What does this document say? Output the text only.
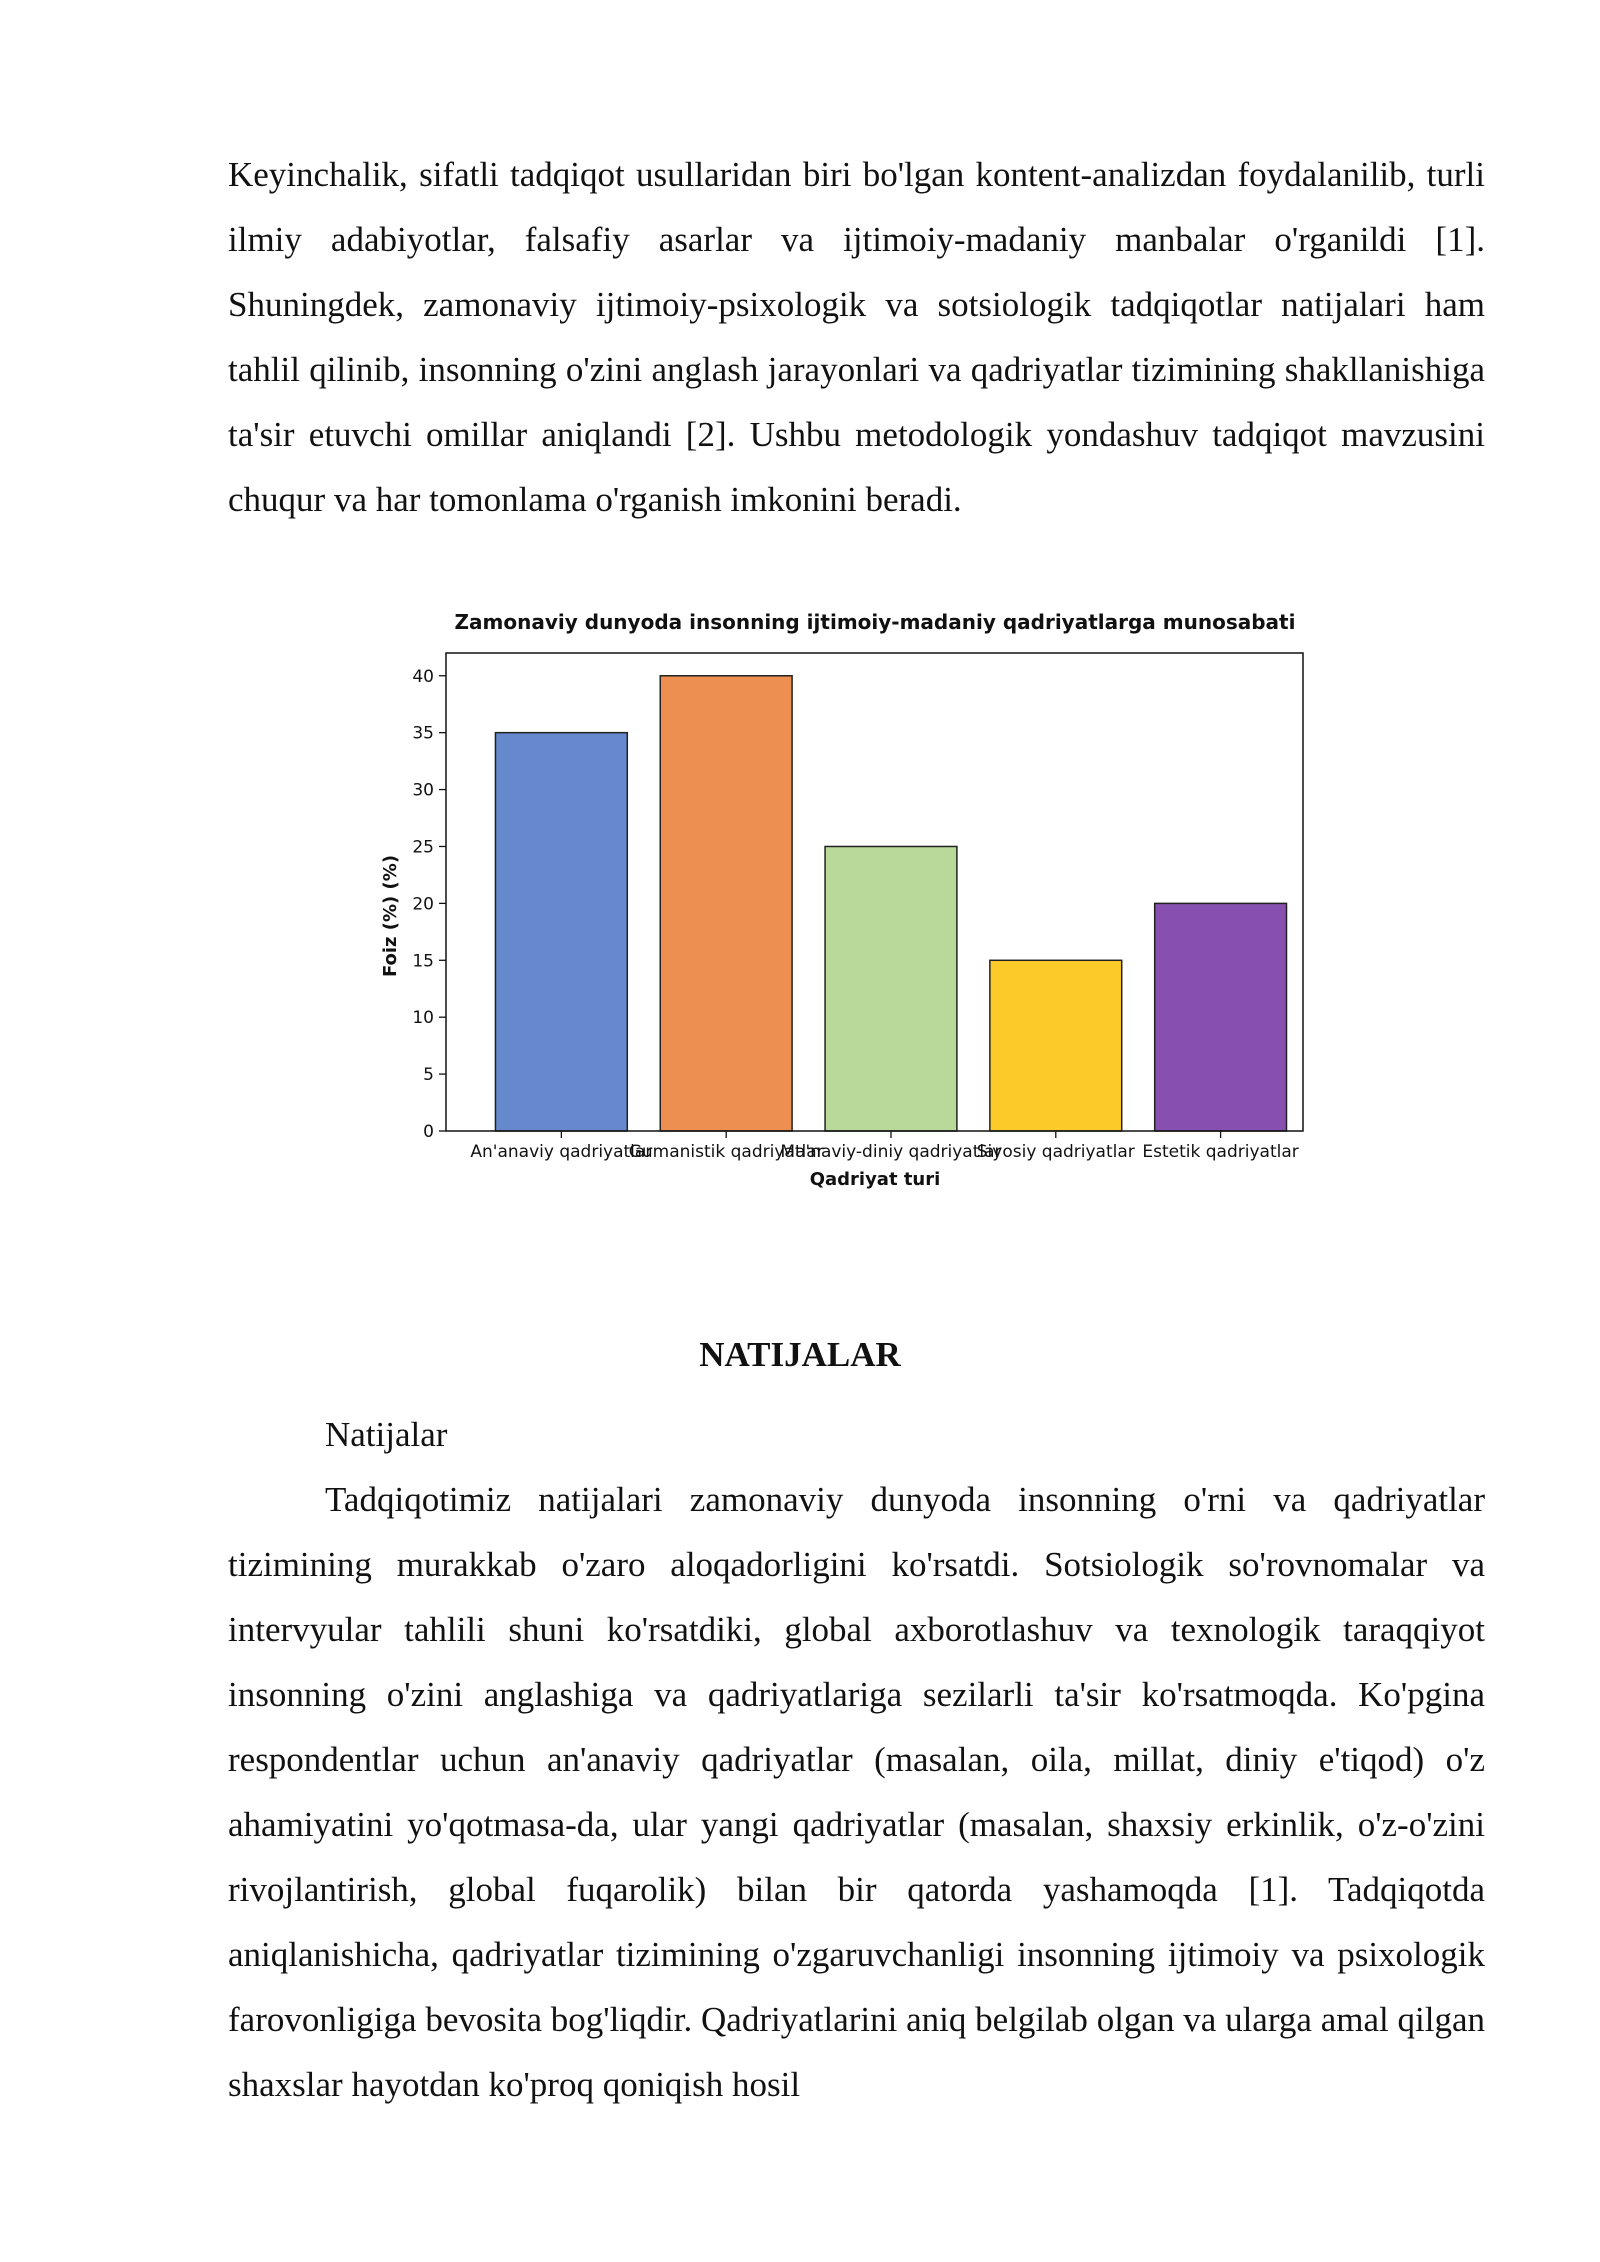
Keyinchalik, sifatli tadqiqot usullaridan biri bo'lgan kontent-analizdan foydalanilib, turli ilmiy adabiyotlar, falsafiy asarlar va ijtimoiy-madaniy manbalar o'rganildi [1]. Shuningdek, zamonaviy ijtimoiy-psixologik va sotsiologik tadqiqotlar natijalari ham tahlil qilinib, insonning o'zini anglash jarayonlari va qadriyatlar tizimining shakllanishiga ta'sir etuvchi omillar aniqlandi [2]. Ushbu metodologik yondashuv tadqiqot mavzusini chuqur va har tomonlama o'rganish imkonini beradi.

Zamonaviy dunyoda insonning ijtimoiy-madaniy qadriyatlarga munosabati
0
5
10
15
20
25
30
35
40
An'anaviy qadriyatlar
Gumanistik qadriyatlar
Ma'naviy-diniy qadriyatlar
Siyosiy qadriyatlar Estetik qadriyatlar
Qadriyat turi
Foiz (%) (%)

NATIJALAR

Natijalar

Tadqiqotimiz natijalari zamonaviy dunyoda insonning o'rni va qadriyatlar tizimining murakkab o'zaro aloqadorligini ko'rsatdi. Sotsiologik so'rovnomalar va intervyular tahlili shuni ko'rsatdiki, global axborotlashuv va texnologik taraqqiyot insonning o'zini anglashiga va qadriyatlariga sezilarli ta'sir ko'rsatmoqda. Ko'pgina respondentlar uchun an'anaviy qadriyatlar (masalan, oila, millat, diniy e'tiqod) o'z ahamiyatini yo'qotmasa-da, ular yangi qadriyatlar (masalan, shaxsiy erkinlik, o'z-o'zini rivojlantirish, global fuqarolik) bilan bir qatorda yashamoqda [1]. Tadqiqotda aniqlanishicha, qadriyatlar tizimining o'zgaruvchanligi insonning ijtimoiy va psixologik farovonligiga bevosita bog'liqdir. Qadriyatlarini aniq belgilab olgan va ularga amal qilgan shaxslar hayotdan ko'proq qoniqish hosil
